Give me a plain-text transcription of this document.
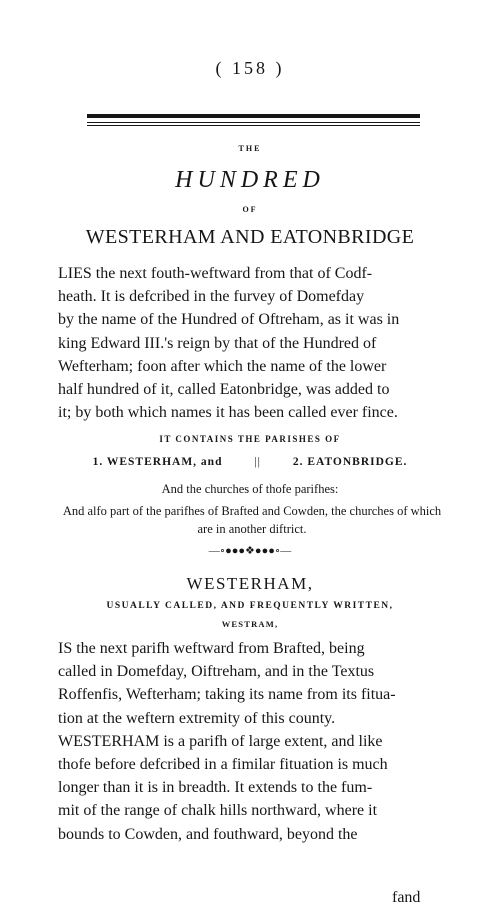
( 158 )
THE
HUNDRED
OF
WESTERHAM AND EATONBRIDGE
LIES the next fouth-weftward from that of Codf-
heath. It is defcribed in the furvey of Domefday
by the name of the Hundred of Oftreham, as it was in
king Edward III.'s reign by that of the Hundred of
Wefterham; foon after which the name of the lower
half hundred of it, called Eatonbridge, was added to
it; by both which names it has been called ever fince.
IT CONTAINS THE PARISHES OF
1. WESTERHAM, and	||	2. EATONBRIDGE.
And the churches of thofe parifhes:
And alfo part of the parifhes of Brafted and Cowden, the churches of which are in another diftrict.
—∘●●●❖●●●∘—
WESTERHAM,
USUALLY CALLED, AND FREQUENTLY WRITTEN,
WESTRAM,
IS the next parifh weftward from Brafted, being
called in Domefday, Oiftreham, and in the Textus
Roffenfis, Wefterham; taking its name from its fitua-
tion at the weftern extremity of this county.
WESTERHAM is a parifh of large extent, and like
thofe before defcribed in a fimilar fituation is much
longer than it is in breadth. It extends to the fum-
mit of the range of chalk hills northward, where it
bounds to Cowden, and fouthward, beyond the
fand
